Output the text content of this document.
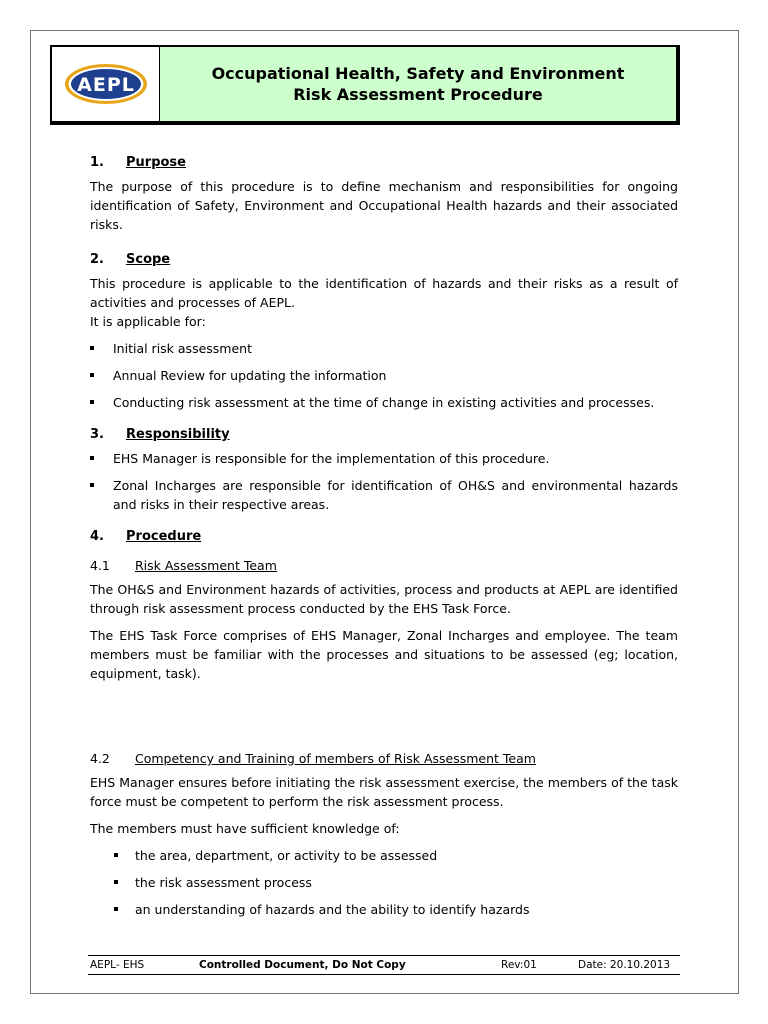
AEPL
Occupational Health, Safety and Environment Risk Assessment Procedure
1.	Purpose

The purpose of this procedure is to define mechanism and responsibilities for ongoing identification of Safety, Environment and Occupational Health hazards and their associated risks.

2.	Scope

This procedure is applicable to the identification of hazards and their risks as a result of activities and processes of AEPL.

It is applicable for:

Initial risk assessment
Annual Review for updating the information
Conducting risk assessment at the time of change in existing activities and processes.
3.	Responsibility
EHS Manager is responsible for the implementation of this procedure.
Zonal Incharges are responsible for identification of OH&S and environmental hazards and risks in their respective areas.
4.	Procedure
4.1	Risk Assessment Team

The OH&S and Environment hazards of activities, process and products at AEPL are identified through risk assessment process conducted by the EHS Task Force.

The EHS Task Force comprises of EHS Manager, Zonal Incharges and employee. The team members must be familiar with the processes and situations to be assessed (eg; location, equipment, task).

4.2	Competency and Training of members of Risk Assessment Team

EHS Manager ensures before initiating the risk assessment exercise, the members of the task force must be competent to perform the risk assessment process.

The members must have sufficient knowledge of:

the area, department, or activity to be assessed
the risk assessment process
an understanding of hazards and the ability to identify hazards
AEPL- EHS	Controlled Document, Do Not Copy	Rev:01	Date: 20.10.2013
